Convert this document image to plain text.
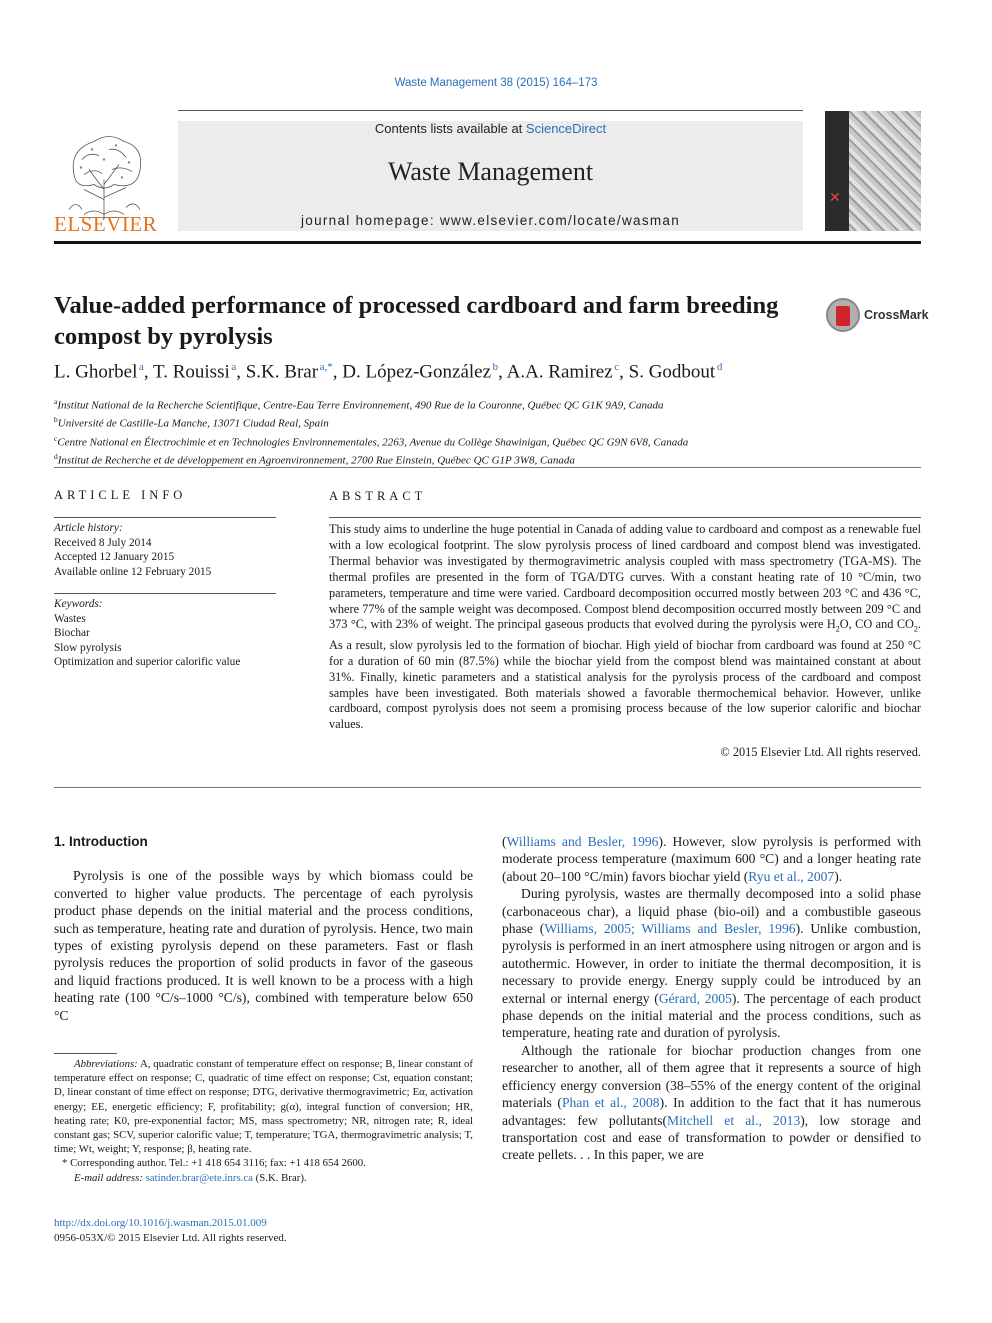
Waste Management 38 (2015) 164–173
ELSEVIER
Contents lists available at ScienceDirect
Waste Management
journal homepage: www.elsevier.com/locate/wasman
✕
Value-added performance of processed cardboard and farm breeding
compost by pyrolysis
CrossMark
L. Ghorbel  $^a$, T. Rouissi  $^a$, S.K. Brar  $^{a,*}$, D. López-González  $^b$, A.A. Ramirez  $^c$, S. Godbout  $^d$
$^a$Institut National de la Recherche Scientifique, Centre-Eau Terre Environnement, 490 Rue de la Couronne, Québec QC G1K 9A9, Canada
$^b$Université de Castille-La Manche, 13071 Ciudad Real, Spain
$^c$Centre National en Électrochimie et en Technologies Environnementales, 2263, Avenue du Collège Shawinigan, Québec QC G9N 6V8, Canada
$^d$Institut de Recherche et de développement en Agroenvironnement, 2700 Rue Einstein, Québec QC G1P 3W8, Canada
ARTICLE INFO	ABSTRACT
Article history:
Received 8 July 2014
Accepted 12 January 2015
Available online 12 February 2015
Keywords:
Wastes
Biochar
Slow pyrolysis
Optimization and superior calorific value
This study aims to underline the huge potential in Canada of adding value to cardboard and compost as a renewable fuel with a low ecological footprint. The slow pyrolysis process of lined cardboard and compost blend was investigated. Thermal behavior was investigated by thermogravimetric analysis coupled with mass spectrometry (TGA-MS). The thermal profiles are presented in the form of TGA/DTG curves. With a constant heating rate of 10 °C/min, two parameters, temperature and time were varied. Cardboard decomposition occurred mostly between 203 °C and 436 °C, where 77% of the sample weight was decomposed. Compost blend decomposition occurred mostly between 209 °C and 373 °C, with 23% of weight. The principal gaseous products that evolved during the pyrolysis were $H_2O$, CO and $CO_2$. As a result, slow pyrolysis led to the formation of biochar. High yield of biochar from cardboard was found at 250 °C for a duration of 60 min (87.5%) while the biochar yield from the compost blend was maintained constant at about 31%. Finally, kinetic parameters and a statistical analysis for the pyrolysis process of the cardboard and compost samples have been investigated. Both materials showed a favorable thermochemical behavior. However, unlike cardboard, compost pyrolysis does not seem a promising process because of the low superior calorific and biochar values.
© 2015 Elsevier Ltd. All rights reserved.
1. Introduction

Pyrolysis is one of the possible ways by which biomass could be converted to higher value products. The percentage of each pyrolysis product phase depends on the initial material and the process conditions, such as temperature, heating rate and duration of pyrolysis. Hence, two main types of existing pyrolysis depend on these parameters. Fast or flash pyrolysis reduces the proportion of solid products in favor of the gaseous and liquid fractions produced. It is well known to be a process with a high heating rate (100 °C/s–1000 °C/s), combined with temperature below 650 °C

(Williams and Besler, 1996). However, slow pyrolysis is performed with moderate process temperature (maximum 600 °C) and a longer heating rate (about 20–100 °C/min) favors biochar yield (Ryu et al., 2007).

During pyrolysis, wastes are thermally decomposed into a solid phase (carbonaceous char), a liquid phase (bio-oil) and a combustible gaseous phase (Williams, 2005; Williams and Besler, 1996). Unlike combustion, pyrolysis is performed in an inert atmosphere using nitrogen or argon and is autothermic. However, in order to initiate the thermal decomposition, it is necessary to provide energy. Energy supply could be introduced by an external or internal energy (Gérard, 2005). The percentage of each product phase depends on the initial material and the process conditions, such as temperature, heating rate and duration of pyrolysis.

Although the rationale for biochar production changes from one researcher to another, all of them agree that it represents a source of high efficiency energy conversion (38–55% of the energy content of the original materials (Phan et al., 2008). In addition to the fact that it has numerous advantages: few pollutants(Mitchell et al., 2013), low storage and transportation cost and ease of transformation to powder or densified to create pellets. . . In this paper, we are

Abbreviations: A, quadratic constant of temperature effect on response; B, linear constant of temperature effect on response; C, quadratic of time effect on response; Cst, equation constant; D, linear constant of time effect on response; DTG, derivative thermogravimetric; Eα, activation energy; EE, energetic efficiency; F, profitability; g(α), integral function of conversion; HR, heating rate; K0, pre-exponential factor; MS, mass spectrometry; NR, nitrogen rate; R, ideal constant gas; SCV, superior calorific value; T, temperature; TGA, thermogravimetric analysis; T, time; Wt, weight; Y, response; β, heating rate.
* Corresponding author. Tel.: +1 418 654 3116; fax: +1 418 654 2600.
E-mail address: satinder.brar@ete.inrs.ca (S.K. Brar).
http://dx.doi.org/10.1016/j.wasman.2015.01.009
0956-053X/© 2015 Elsevier Ltd. All rights reserved.
